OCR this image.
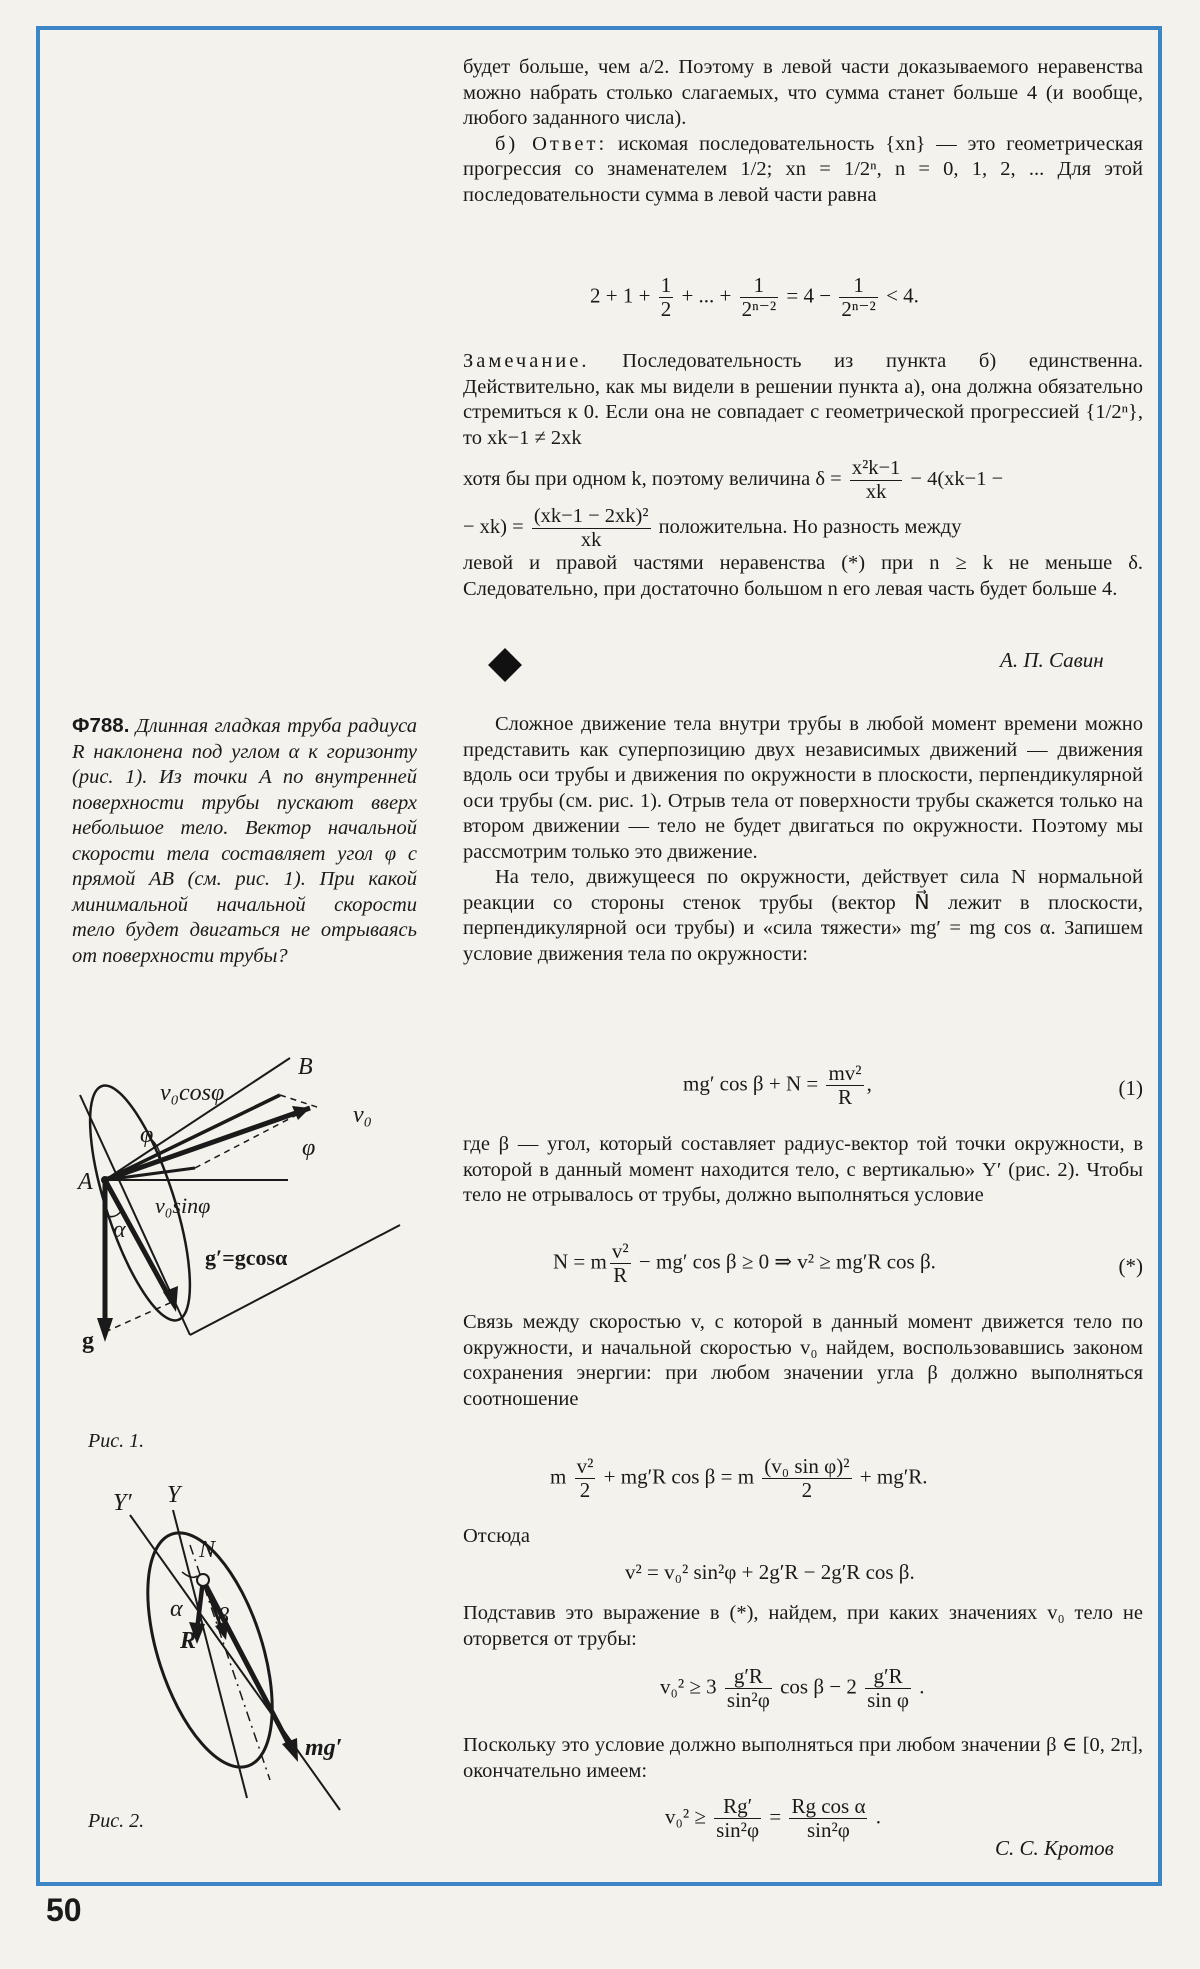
будет больше, чем a/2. Поэтому в левой части доказываемого неравенства можно набрать столько слагаемых, что сумма станет больше 4 (и вообще, любого заданного числа).

б) Ответ: искомая последовательность {xn} — это геометрическая прогрессия со знаменателем 1/2; xn = 1/2ⁿ, n = 0, 1, 2, ... Для этой последовательности сумма в левой части равна

$2 + 1 + \frac{1}{2}$ + ... + $\frac{1}{\text{2ⁿ⁻²}} = 4 - \frac{1}{\text{2ⁿ⁻²}} < 4$.

Замечание. Последовательность из пункта б) единственна. Действительно, как мы видели в решении пункта а), она должна обязательно стремиться к 0. Если она не совпадает с геометрической прогрессией {1/2ⁿ}, то xk−1 ≠ 2xk

хотя бы при одном k, поэтому величина $\delta = \frac{\text{x²k−1}}{xk} - 4(xk-1$ −

− $xk) = \frac{\text{(xk−1 − 2xk)²}}{xk}$ положительна. Но разность между

левой и правой частями неравенства (*) при n ≥ k не меньше δ. Следовательно, при достаточно большом n его левая часть будет больше 4.

А. П. Савин
Ф788. Длинная гладкая труба радиуса R наклонена под углом α к горизонту (рис. 1). Из точки A по внутренней поверхности трубы пускают вверх небольшое тело. Вектор начальной скорости тела составляет угол φ с прямой AB (см. рис. 1). При какой минимальной начальной скорости тело будет двигаться не отрываясь от поверхности трубы?
B
A
v₀
v₀cosφ
v₀sinφ
φ	φ
α
g′=gcosα
g
Рис. 1.
Y′ Y
N
α β
R
mg′
Рис. 2.

Сложное движение тела внутри трубы в любой момент времени можно представить как суперпозицию двух независимых движений — движения вдоль оси трубы и движения по окружности в плоскости, перпендикулярной оси трубы (см. рис. 1). Отрыв тела от поверхности трубы скажется только на втором движении — тело не будет двигаться по окружности. Поэтому мы рассмотрим только это движение.

На тело, движущееся по окружности, действует сила N нормальной реакции со стороны стенок трубы (вектор N⃗ лежит в плоскости, перпендикулярной оси трубы) и «сила тяжести» mg′ = mg cos α. Запишем условие движения тела по окружности:

mg′ $\cos \beta + N = \frac{\text{mv²}}{R}$ ,	(1)

где β — угол, который составляет радиус-вектор той точки окружности, в которой в данный момент находится тело, с вертикалью» Y′ (рис. 2). Чтобы тело не отрывалось от трубы, должно выполняться условие

N = m $\frac{\text{v²}}{R} - mg'$ cos β ≥ 0 ⇒ v² ≥ mg′R cos β.	(*)

Связь между скоростью v, с которой в данный момент движется тело по окружности, и начальной скоростью v₀ найдем, воспользовавшись законом сохранения энергии: при любом значении угла β должно выполняться соотношение

m $\frac{\text{v²}}{2} + mg'R$ cos β = m $\frac{\text{(v₀ sin φ)²}}{2} + mg'R$.
Отсюда
v² = v₀² sin²φ + 2g′R − 2g′R cos β.

Подставив это выражение в (*), найдем, при каких значениях v₀ тело не оторвется от трубы:

$v_0^2 \ge 3 \frac{g'R}{\text{sin²φ}}$ $\cos \beta - 2 \frac{g'R}{\text{sin φ}}$ .

Поскольку это условие должно выполняться при любом значении β ∈ [0, 2π], окончательно имеем:

$v_0^2 \ge \frac{Rg'}{\text{sin²φ}} = \frac{\text{Rg cos α}}{\text{sin²φ}}$ .
С. С. Кротов
50
